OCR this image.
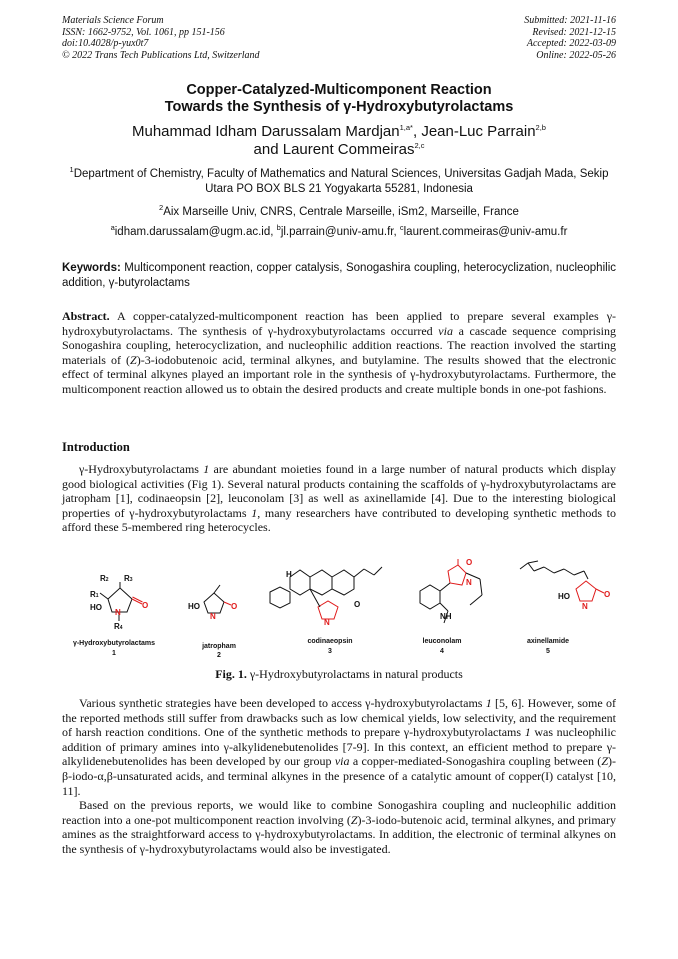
Materials Science Forum
ISSN: 1662-9752, Vol. 1061, pp 151-156
doi:10.4028/p-yux0t7
© 2022 Trans Tech Publications Ltd, Switzerland
Submitted: 2021-11-16
Revised: 2021-12-15
Accepted: 2022-03-09
Online: 2022-05-26
Copper-Catalyzed-Multicomponent Reaction
Towards the Synthesis of γ-Hydroxybutyrolactams
Muhammad Idham Darussalam Mardjan$^{1,a*}$, Jean-Luc Parrain$^{2,b}$
and Laurent Commeiras$^{2,c}$
$^1$Department of Chemistry, Faculty of Mathematics and Natural Sciences, Universitas Gadjah Mada, Sekip Utara PO BOX BLS 21 Yogyakarta 55281, Indonesia
$^2$Aix Marseille Univ, CNRS, Centrale Marseille, iSm2, Marseille, France
$^a$idham.darussalam@ugm.ac.id, $^b$jl.parrain@univ-amu.fr, $^c$laurent.commeiras@univ-amu.fr
Keywords: Multicomponent reaction, copper catalysis, Sonogashira coupling, heterocyclization, nucleophilic addition, γ-butyrolactams
Abstract. A copper-catalyzed-multicomponent reaction has been applied to prepare several examples γ-hydroxybutyrolactams. The synthesis of γ-hydroxybutyrolactams occurred via a cascade sequence comprising Sonogashira coupling, heterocyclization, and nucleophilic addition reactions. The reaction involved the starting materials of (Z)-3-iodobutenoic acid, terminal alkynes, and butylamine. The results showed that the electronic effect of terminal alkynes played an important role in the synthesis of γ-hydroxybutyrolactams. Furthermore, the multicomponent reaction allowed us to obtain the desired products and create multiple bonds in one-pot fashions.
Introduction

γ-Hydroxybutyrolactams 1 are abundant moieties found in a large number of natural products which display good biological activities (Fig 1). Several natural products containing the scaffolds of γ-hydroxybutyrolactams are jatropham [1], codinaeopsin [2], leuconolam [3] as well as axinellamide [4]. Due to the interesting biological properties of γ-hydroxybutyrolactams 1, many researchers have contributed to developing synthetic methods to afford these 5-membered ring heterocycles.

R2 R3
R1
HO
N
O
R4
HO
N
O
H
N
O
O
N
NH
HO
N
O
γ-Hydroxybutyrolactams
1
jatropham
2
codinaeopsin
3
leuconolam
4
axinellamide
5
Fig. 1. γ-Hydroxybutyrolactams in natural products

Various synthetic strategies have been developed to access γ-hydroxybutyrolactams 1 [5, 6]. However, some of the reported methods still suffer from drawbacks such as low chemical yields, low selectivity, and the requirement of harsh reaction conditions. One of the synthetic methods to prepare γ-hydroxybutyrolactams 1 was nucleophilic addition of primary amines into γ-alkylidenebutenolides [7-9]. In this context, an efficient method to prepare γ-alkylidenebutenolides has been developed by our group via a copper-mediated-Sonogashira coupling between (Z)-β-iodo-α,β-unsaturated acids, and terminal alkynes in the presence of a catalytic amount of copper(I) catalyst [10, 11].

Based on the previous reports, we would like to combine Sonogashira coupling and nucleophilic addition reaction into a one-pot multicomponent reaction involving (Z)-3-iodo-butenoic acid, terminal alkynes, and primary amines as the straightforward access to γ-hydroxybutyrolactams. In addition, the electronic of terminal alkynes on the synthesis of γ-hydroxybutyrolactams would also be investigated.
